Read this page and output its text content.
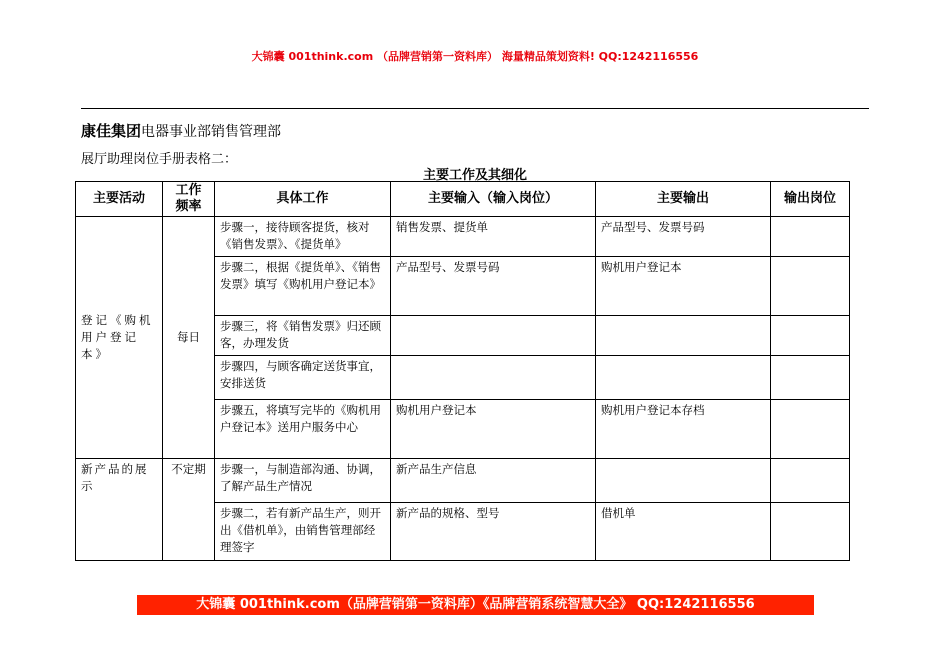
大锦囊 001think.com （品牌营销第一资料库） 海量精品策划资料! QQ:1242116556
康佳集团电器事业部销售管理部
展厅助理岗位手册表格二：
主要工作及其细化
主要活动	工作频率	具体工作	主要输入（输入岗位）	主要输出	输出岗位
登记《购机用户登记本》	每日	步骤一，接待顾客提货，核对《销售发票》、《提货单》	销售发票、提货单	产品型号、发票号码	
		步骤二，根据《提货单》、《销售发票》填写《购机用户登记本》	产品型号、发票号码	购机用户登记本	
		步骤三，将《销售发票》归还顾客，办理发货			
		步骤四，与顾客确定送货事宜，安排送货			
		步骤五，将填写完毕的《购机用户登记本》送用户服务中心	购机用户登记本	购机用户登记本存档	
新产品的展示	不定期	步骤一，与制造部沟通、协调，了解产品生产情况	新产品生产信息		
		步骤二，若有新产品生产，则开出《借机单》，由销售管理部经理签字	新产品的规格、型号	借机单	
大锦囊 001think.com（品牌营销第一资料库）《品牌营销系统智慧大全》 QQ:1242116556
